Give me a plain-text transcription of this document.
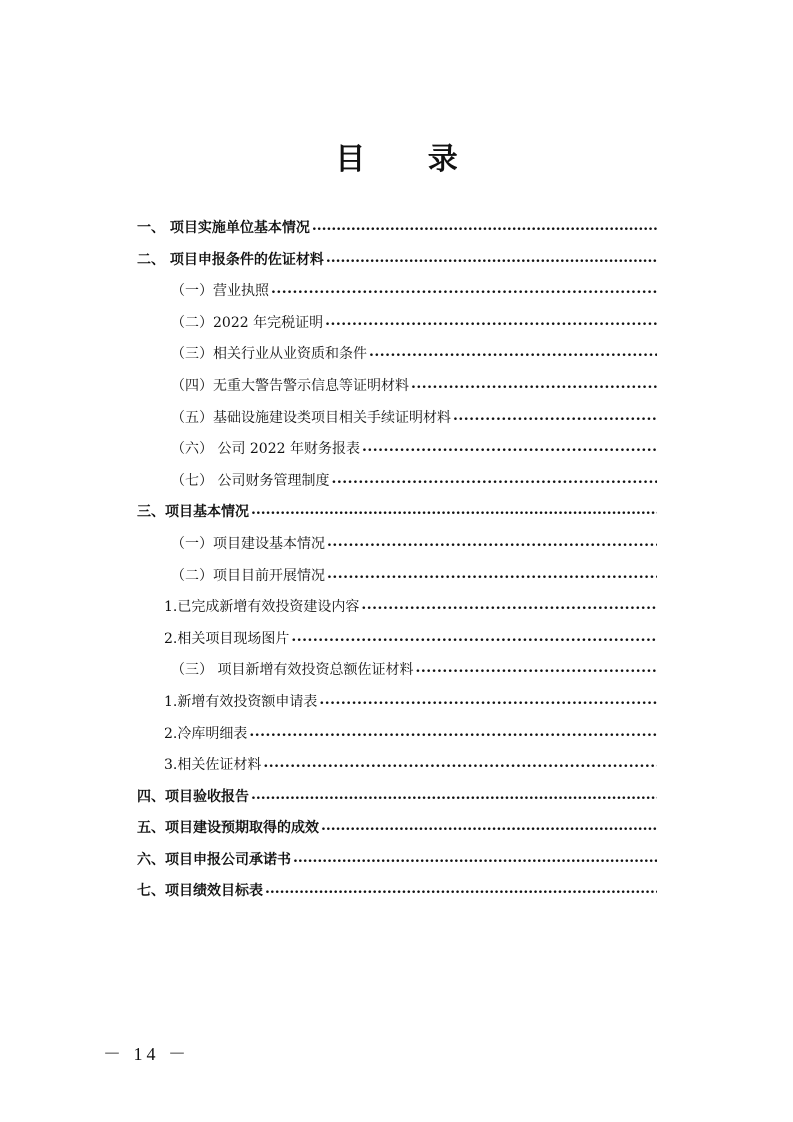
目 录
一、 项目实施单位基本情况
.....
二、 项目申报条件的佐证材料
.....
（一）营业执照
.....
（二）2022 年完税证明
.....
（三）相关行业从业资质和条件
.....
（四）无重大警告警示信息等证明材料
.....
（五）基础设施建设类项目相关手续证明材料
.....
（六） 公司 2022 年财务报表
.....
（七） 公司财务管理制度
.....
三、项目基本情况
.....
（一）项目建设基本情况
.....
（二）项目目前开展情况
.....
1.已完成新增有效投资建设内容
.....
2.相关项目现场图片
.....
（三） 项目新增有效投资总额佐证材料
.....
1.新增有效投资额申请表
.....
2.冷库明细表
.....
3.相关佐证材料
.....
四、项目验收报告
.....
五、项目建设预期取得的成效
.....
六、项目申报公司承诺书
.....
七、项目绩效目标表
.....
－ 14 －
